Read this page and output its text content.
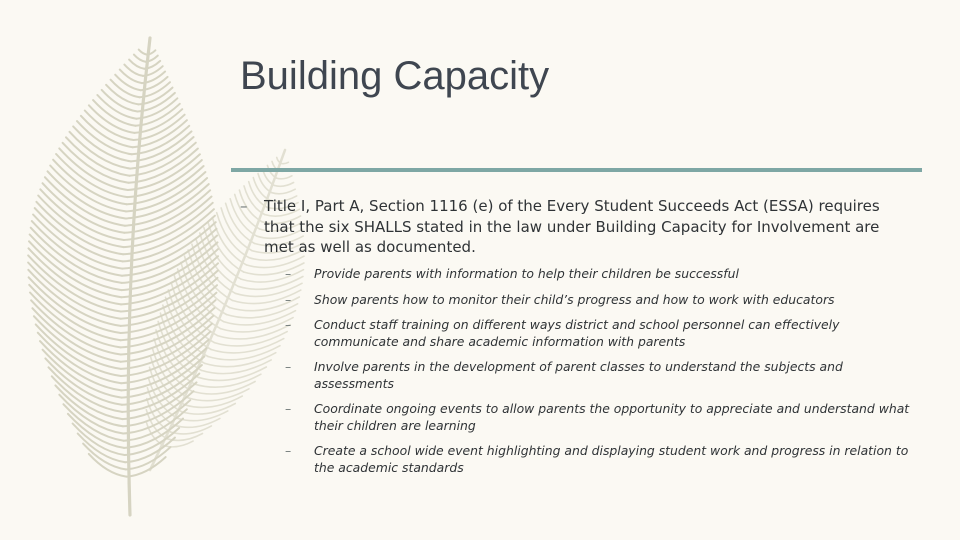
Building Capacity
– Title I, Part A, Section 1116 (e) of the Every Student Succeeds Act (ESSA) requires that the six SHALLS stated in the law under Building Capacity for Involvement are met as well as documented.
– Provide parents with information to help their children be successful
– Show parents how to monitor their child’s progress and how to work with educators
– Conduct staff training on different ways district and school personnel can effectively communicate and share academic information with parents
– Involve parents in the development of parent classes to understand the subjects and assessments
– Coordinate ongoing events to allow parents the opportunity to appreciate and understand what their children are learning
– Create a school wide event highlighting and displaying student work and progress in relation to the academic standards
